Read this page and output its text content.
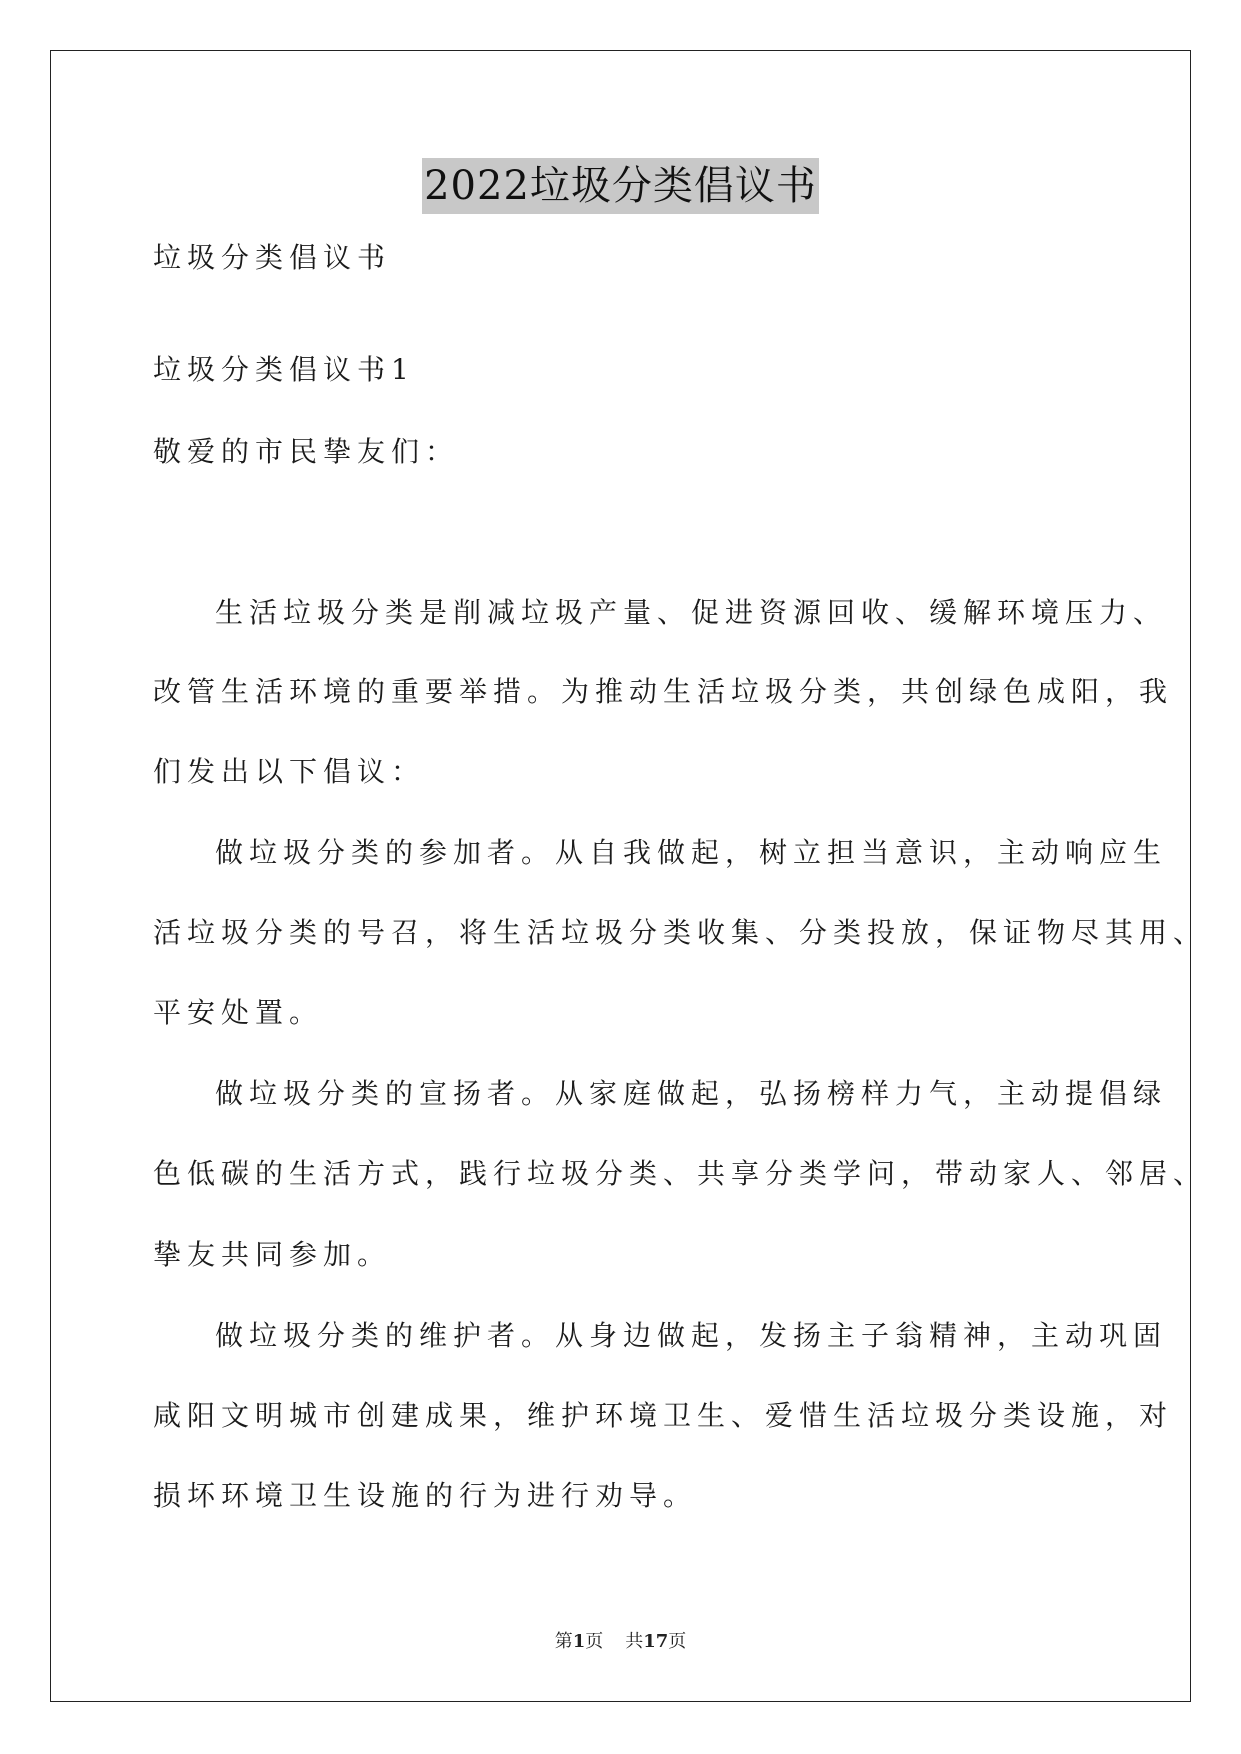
2022垃圾分类倡议书
垃圾分类倡议书
垃圾分类倡议书1
敬爱的市民挚友们：
生活垃圾分类是削减垃圾产量、促进资源回收、缓解环境压力、
改管生活环境的重要举措。为推动生活垃圾分类，共创绿色成阳，我
们发出以下倡议：
做垃圾分类的参加者。从自我做起，树立担当意识，主动响应生
活垃圾分类的号召，将生活垃圾分类收集、分类投放，保证物尽其用、
平安处置。
做垃圾分类的宣扬者。从家庭做起，弘扬榜样力气，主动提倡绿
色低碳的生活方式，践行垃圾分类、共享分类学问，带动家人、邻居、
挚友共同参加。
做垃圾分类的维护者。从身边做起，发扬主子翁精神，主动巩固
咸阳文明城市创建成果，维护环境卫生、爱惜生活垃圾分类设施，对
损坏环境卫生设施的行为进行劝导。
第1页 共17页
